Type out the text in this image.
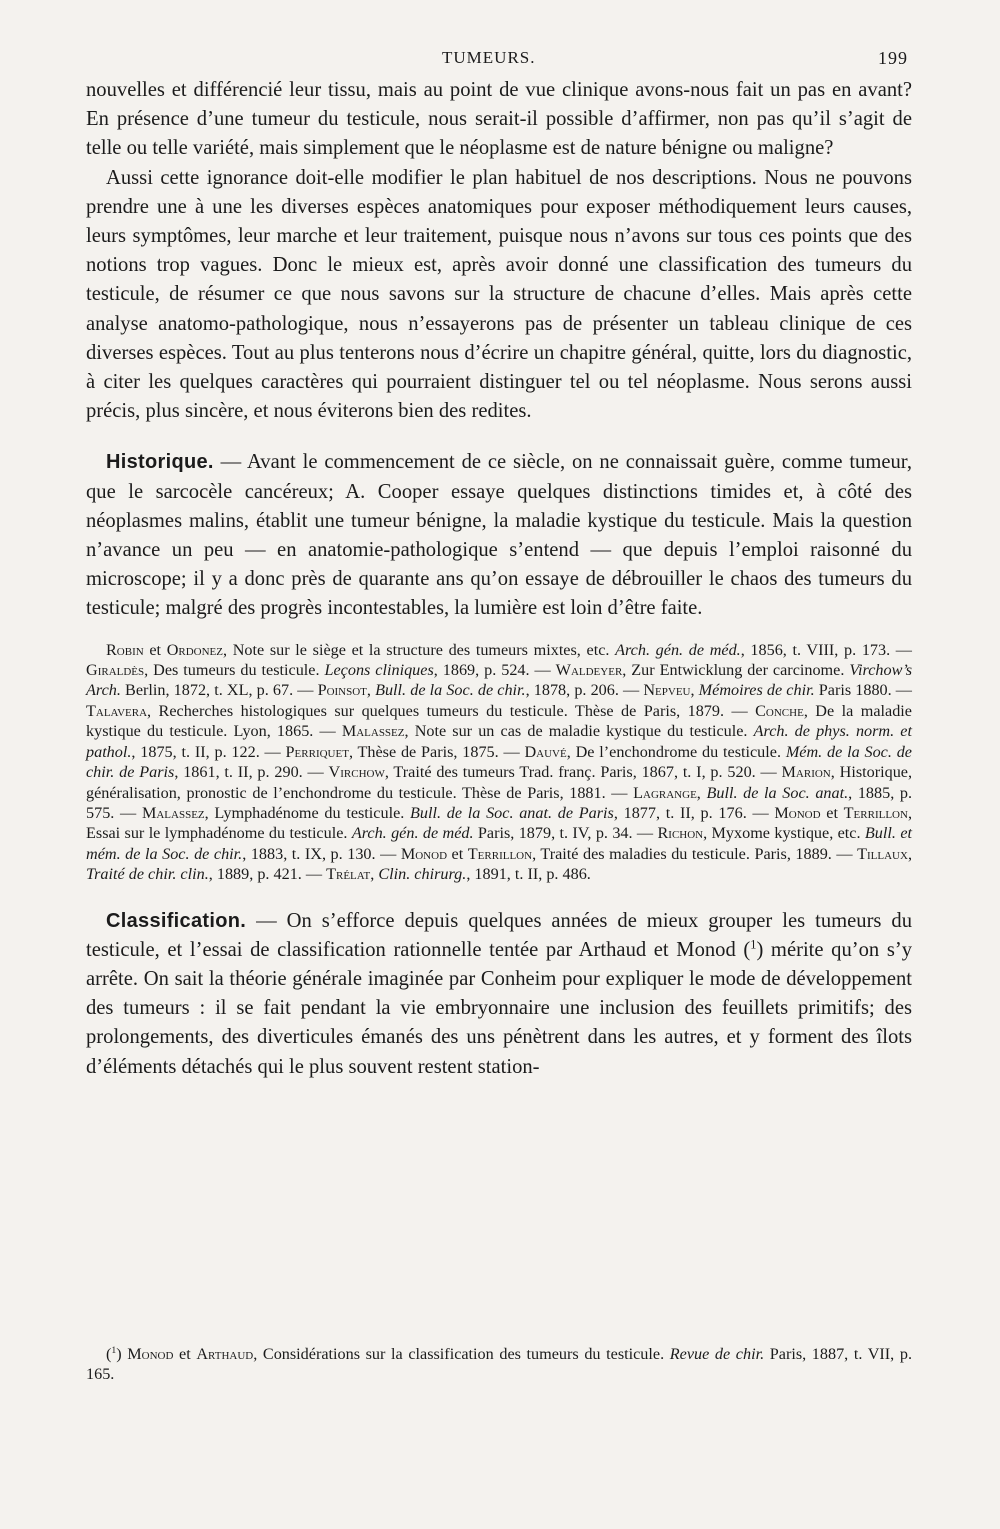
TUMEURS.	199

nouvelles et différencié leur tissu, mais au point de vue clinique avons-nous fait un pas en avant? En présence d’une tumeur du testicule, nous serait-il possible d’affirmer, non pas qu’il s’agit de telle ou telle variété, mais simplement que le néoplasme est de nature bénigne ou maligne?

Aussi cette ignorance doit-elle modifier le plan habituel de nos descriptions. Nous ne pouvons prendre une à une les diverses espèces anatomiques pour exposer méthodiquement leurs causes, leurs symptômes, leur marche et leur traitement, puisque nous n’avons sur tous ces points que des notions trop vagues. Donc le mieux est, après avoir donné une classification des tumeurs du testicule, de résumer ce que nous savons sur la structure de chacune d’elles. Mais après cette analyse anatomo-pathologique, nous n’essayerons pas de présenter un tableau clinique de ces diverses espèces. Tout au plus tenterons nous d’écrire un chapitre général, quitte, lors du diagnostic, à citer les quelques caractères qui pourraient distinguer tel ou tel néoplasme. Nous serons aussi précis, plus sincère, et nous éviterons bien des redites.

Historique. — Avant le commencement de ce siècle, on ne connaissait guère, comme tumeur, que le sarcocèle cancéreux; A. Cooper essaye quelques distinctions timides et, à côté des néoplasmes malins, établit une tumeur bénigne, la maladie kystique du testicule. Mais la question n’avance un peu — en anatomie-pathologique s’entend — que depuis l’emploi raisonné du microscope; il y a donc près de quarante ans qu’on essaye de débrouiller le chaos des tumeurs du testicule; malgré des progrès incontestables, la lumière est loin d’être faite.

Robin et Ordonez, Note sur le siège et la structure des tumeurs mixtes, etc. Arch. gén. de méd., 1856, t. VIII, p. 173. — Giraldès, Des tumeurs du testicule. Leçons cliniques, 1869, p. 524. — Waldeyer, Zur Entwicklung der carcinome. Virchow’s Arch. Berlin, 1872, t. XL, p. 67. — Poinsot, Bull. de la Soc. de chir., 1878, p. 206. — Nepveu, Mémoires de chir. Paris 1880. — Talavera, Recherches histologiques sur quelques tumeurs du testicule. Thèse de Paris, 1879. — Conche, De la maladie kystique du testicule. Lyon, 1865. — Malassez, Note sur un cas de maladie kystique du testicule. Arch. de phys. norm. et pathol., 1875, t. II, p. 122. — Perriquet, Thèse de Paris, 1875. — Dauvé, De l’enchondrome du testicule. Mém. de la Soc. de chir. de Paris, 1861, t. II, p. 290. — Virchow, Traité des tumeurs Trad. franç. Paris, 1867, t. I, p. 520. — Marion, Historique, généralisation, pronostic de l’enchondrome du testicule. Thèse de Paris, 1881. — Lagrange, Bull. de la Soc. anat., 1885, p. 575. — Malassez, Lymphadénome du testicule. Bull. de la Soc. anat. de Paris, 1877, t. II, p. 176. — Monod et Terrillon, Essai sur le lymphadénome du testicule. Arch. gén. de méd. Paris, 1879, t. IV, p. 34. — Richon, Myxome kystique, etc. Bull. et mém. de la Soc. de chir., 1883, t. IX, p. 130. — Monod et Terrillon, Traité des maladies du testicule. Paris, 1889. — Tillaux, Traité de chir. clin., 1889, p. 421. — Trélat, Clin. chirurg., 1891, t. II, p. 486.

Classification. — On s’efforce depuis quelques années de mieux grouper les tumeurs du testicule, et l’essai de classification rationnelle tentée par Arthaud et Monod ($^1$) mérite qu’on s’y arrête. On sait la théorie générale imaginée par Conheim pour expliquer le mode de développement des tumeurs : il se fait pendant la vie embryonnaire une inclusion des feuillets primitifs; des prolongements, des diverticules émanés des uns pénètrent dans les autres, et y forment des îlots d’éléments détachés qui le plus souvent restent station-

($^1$) Monod et Arthaud, Considérations sur la classification des tumeurs du testicule. Revue de chir. Paris, 1887, t. VII, p. 165.
